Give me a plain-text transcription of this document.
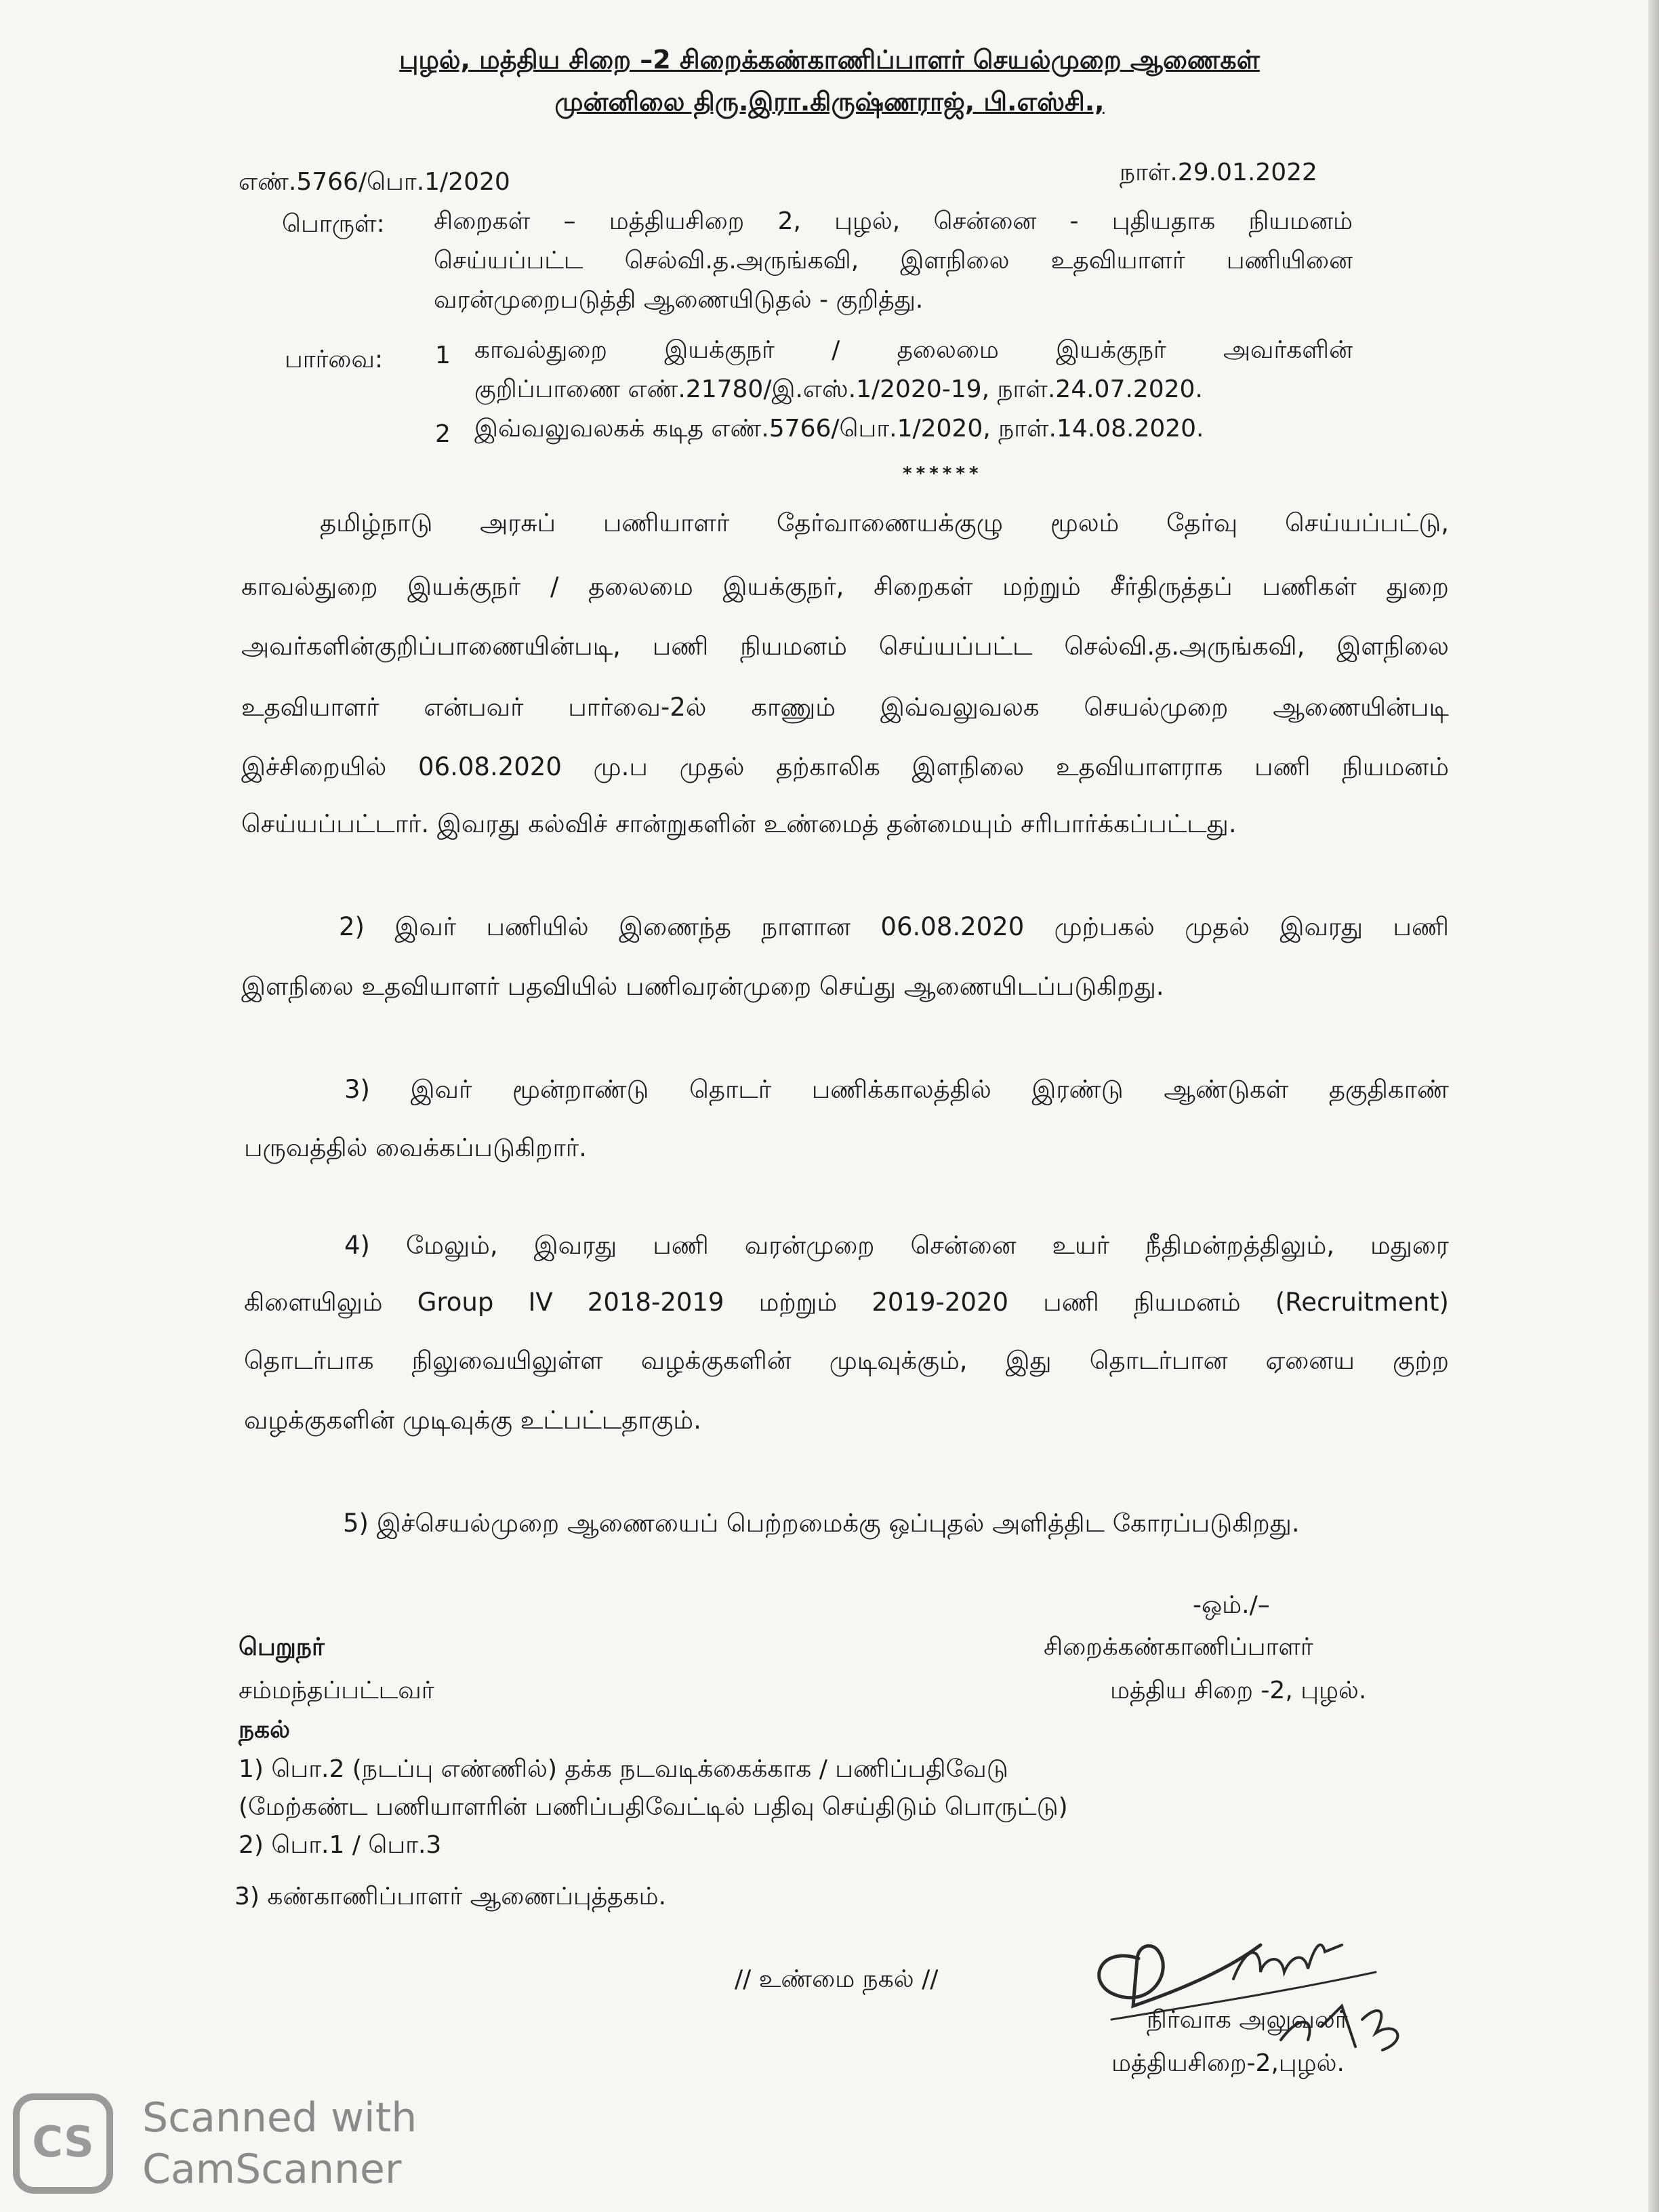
புழல், மத்திய சிறை –2 சிறைக்கண்காணிப்பாளர் செயல்முறை ஆணைகள்
முன்னிலை திரு.இரா.கிருஷ்ணராஜ், பி.எஸ்சி.,
எண்.5766/பொ.1/2020	நாள்.29.01.2022
பொருள்: சிறைகள் – மத்தியசிறை 2, புழல், சென்னை - புதியதாக நியமனம்
செய்யப்பட்ட செல்வி.த.அருங்கவி, இளநிலை உதவியாளர் பணியினை
வரன்முறைபடுத்தி ஆணையிடுதல் - குறித்து.
பார்வை: 1 காவல்துறை இயக்குநர் / தலைமை இயக்குநர் அவர்களின்
குறிப்பாணை எண்.21780/இ.எஸ்.1/2020-19, நாள்.24.07.2020.
2 இவ்வலுவலகக் கடித எண்.5766/பொ.1/2020, நாள்.14.08.2020.
******
தமிழ்நாடு அரசுப் பணியாளர் தேர்வாணையக்குழு மூலம் தேர்வு செய்யப்பட்டு,
காவல்துறை இயக்குநர் / தலைமை இயக்குநர், சிறைகள் மற்றும் சீர்திருத்தப் பணிகள் துறை
அவர்களின்குறிப்பாணையின்படி, பணி நியமனம் செய்யப்பட்ட செல்வி.த.அருங்கவி, இளநிலை
உதவியாளர் என்பவர் பார்வை-2ல் காணும் இவ்வலுவலக செயல்முறை ஆணையின்படி
இச்சிறையில் 06.08.2020 மு.ப முதல் தற்காலிக இளநிலை உதவியாளராக பணி நியமனம்
செய்யப்பட்டார். இவரது கல்விச் சான்றுகளின் உண்மைத் தன்மையும் சரிபார்க்கப்பட்டது.
2) இவர் பணியில் இணைந்த நாளான 06.08.2020 முற்பகல் முதல் இவரது பணி
இளநிலை உதவியாளர் பதவியில் பணிவரன்முறை செய்து ஆணையிடப்படுகிறது.
3) இவர் மூன்றாண்டு தொடர் பணிக்காலத்தில் இரண்டு ஆண்டுகள் தகுதிகாண்
பருவத்தில் வைக்கப்படுகிறார்.
4) மேலும், இவரது பணி வரன்முறை சென்னை உயர் நீதிமன்றத்திலும், மதுரை
கிளையிலும் Group IV 2018-2019 மற்றும் 2019-2020 பணி நியமனம் (Recruitment)
தொடர்பாக நிலுவையிலுள்ள வழக்குகளின் முடிவுக்கும், இது தொடர்பான ஏனைய குற்ற
வழக்குகளின் முடிவுக்கு உட்பட்டதாகும்.
5) இச்செயல்முறை ஆணையைப் பெற்றமைக்கு ஒப்புதல் அளித்திட கோரப்படுகிறது.
-ஒம்./–
பெறுநர்	சிறைக்கண்காணிப்பாளர்
சம்மந்தப்பட்டவர்	மத்திய சிறை -2, புழல்.
நகல்
1) பொ.2 (நடப்பு எண்ணில்) தக்க நடவடிக்கைக்காக / பணிப்பதிவேடு
(மேற்கண்ட பணியாளரின் பணிப்பதிவேட்டில் பதிவு செய்திடும் பொருட்டு)
2) பொ.1 / பொ.3
3) கண்காணிப்பாளர் ஆணைப்புத்தகம்.
// உண்மை நகல் //
நிர்வாக அலுவலர்
மத்தியசிறை-2,புழல்.
CS Scanned with
CamScanner
